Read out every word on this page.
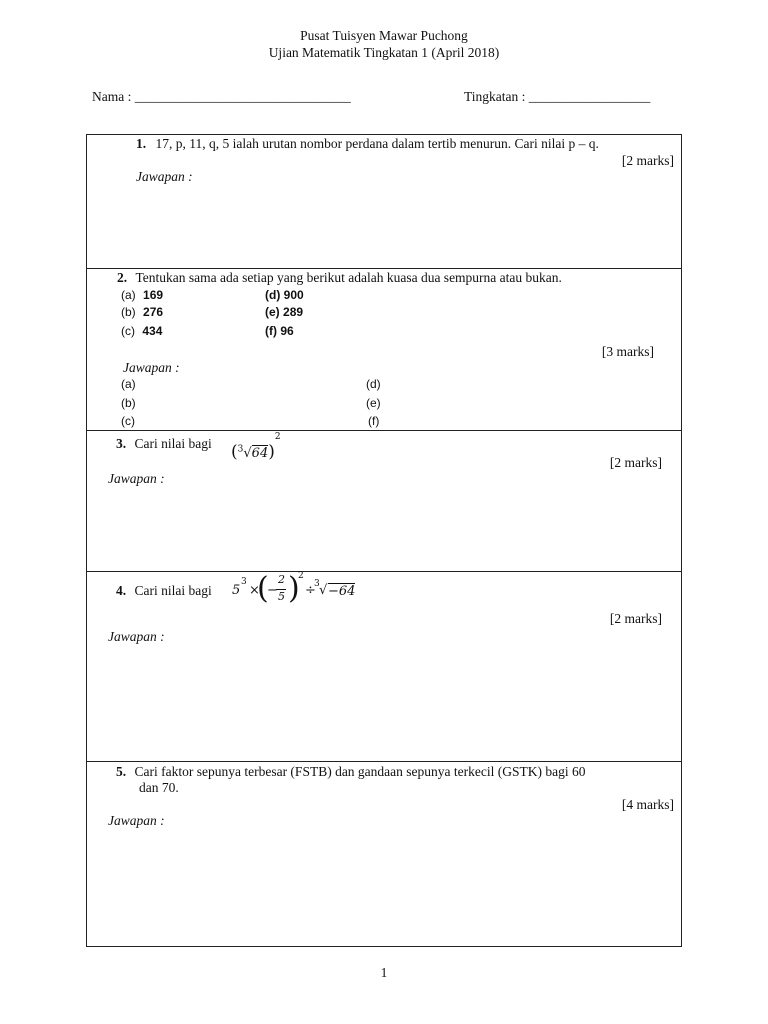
Pusat Tuisyen Mawar Puchong
Ujian Matematik Tingkatan 1 (April 2018)
Nama : ________________________________	Tingkatan : __________________
1. 17, p, 11, q, 5 ialah urutan nombor perdana dalam tertib menurun. Cari nilai p – q.
[2 marks]
Jawapan :
2. Tentukan sama ada setiap yang berikut adalah kuasa dua sempurna atau bukan.
(a) 169
(b) 276
(c) 434
(d) 900
(e) 289
(f) 96
[3 marks]
Jawapan :
(a)
(b)
(c)
(d)
(e)
(f)
3. Cari nilai bagi $(^3√64)^2$
[2 marks]
Jawapan :
4. Cari nilai bagi 5
3
×
(
−
2
5 )
2
÷
3 √ −64
[2 marks]
Jawapan :
5. Cari faktor sepunya terbesar (FSTB) dan gandaan sepunya terkecil (GSTK) bagi 60
dan 70.
[4 marks]
Jawapan :
1
